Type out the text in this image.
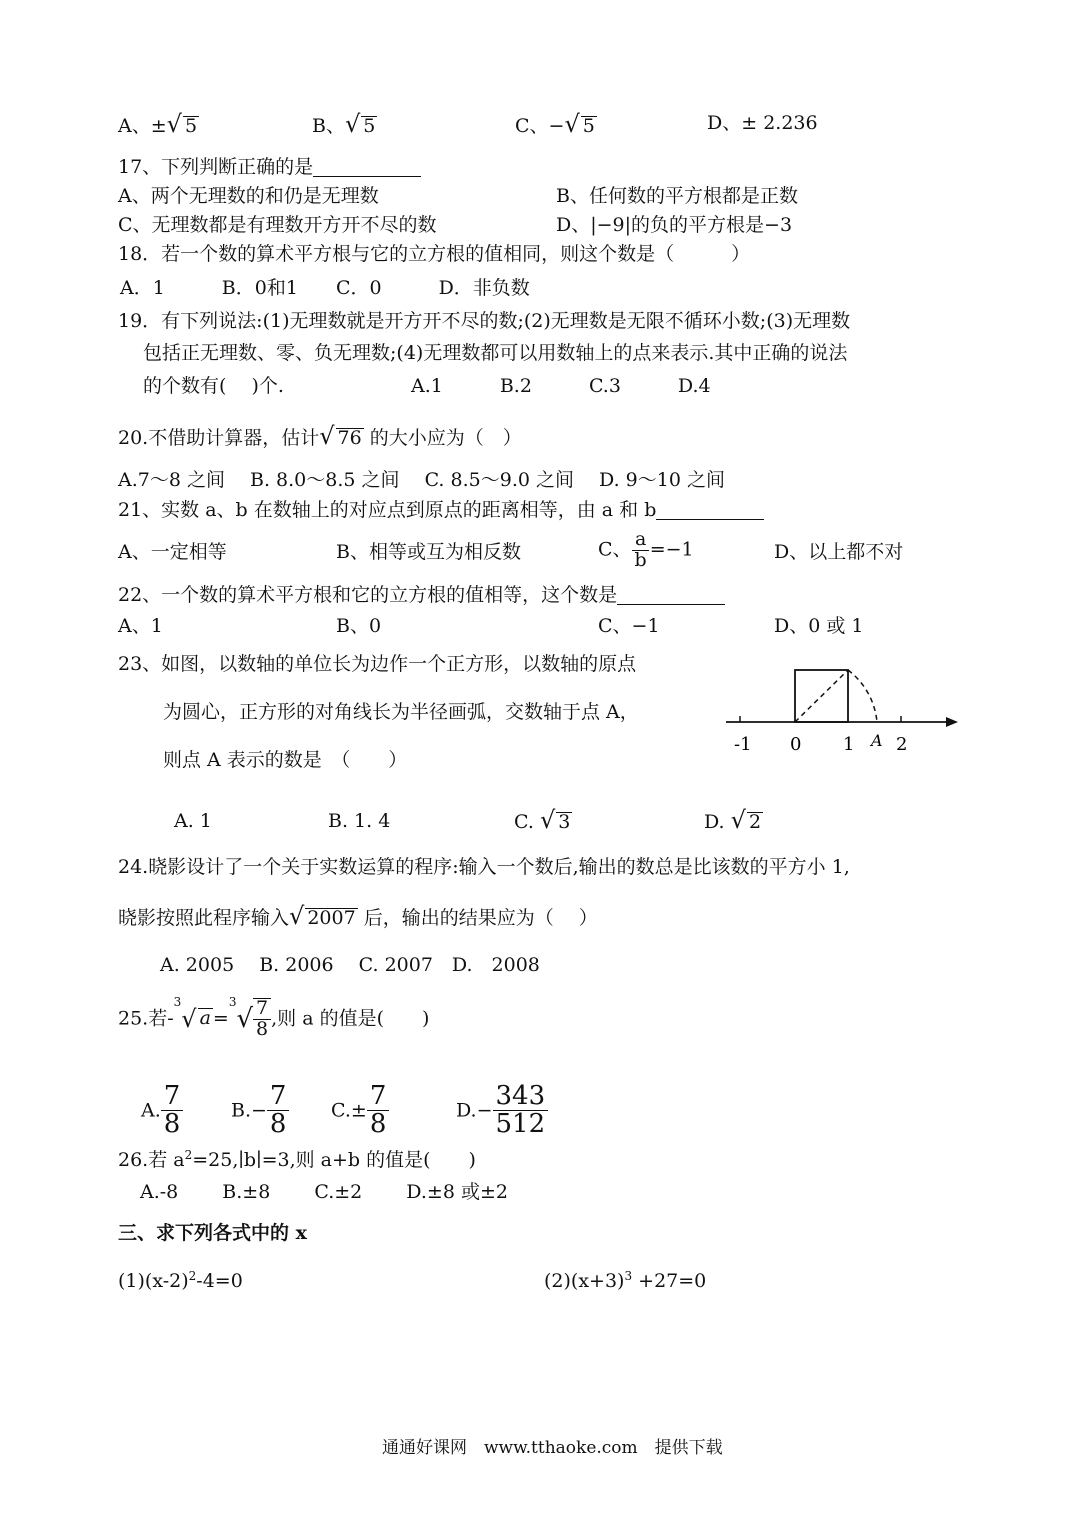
A、±√ 5	B、√ 5	C、−√ 5	D、± 2.236
17、下列判断正确的是
A、两个无理数的和仍是无理数	B、任何数的平方根都是正数
C、无理数都是有理数开方开不尽的数	D、|−9|的负的平方根是−3
18．若一个数的算术平方根与它的立方根的值相同，则这个数是（　　　）
A．1　　　B．0和1　　C．0　　　D．非负数
19．有下列说法:(1)无理数就是开方开不尽的数;(2)无理数是无限不循环小数;(3)无理数
包括正无理数、零、负无理数;(4)无理数都可以用数轴上的点来表示.其中正确的说法
的个数有(　 )个.	A.1　　　B.2　　　C.3　　　D.4
20.不借助计算器，估计√ 76 的大小应为（　）
A.7～8 之间　 B. 8.0～8.5 之间　 C. 8.5～9.0 之间　 D. 9～10 之间
21、实数 a、b 在数轴上的对应点到原点的距离相等，由 a 和 b
A、一定相等	B、相等或互为相反数	C、 $\frac{a}{b} =-1$	D、以上都不对
22、一个数的算术平方根和它的立方根的值相等，这个数是
A、1	B、0	C、−1	D、0 或 1
23、如图，以数轴的单位长为边作一个正方形，以数轴的原点
为圆心，正方形的对角线长为半径画弧，交数轴于点 A，
则点 A 表示的数是　（　　）
-1 0 1 2
A
A. 1	B. 1. 4	C. √ 3	D. √ 2
24.晓影设计了一个关于实数运算的程序:输入一个数后,输出的数总是比该数的平方小 1,
晓影按照此程序输入√ 2007 后，输出的结果应为（　 ）
A. 2005　 B. 2006　 C. 2007　D.　2008
25.若-$^3$√ $a =^3√ \frac{7}{8}$ ,则 a 的值是(　　)
A. $\frac{7}{8}$	$B.- \frac{7}{8} C.\pm \frac{7}{8}$	$D.- \frac{343}{512}$
26.若 $a^2=25,∣b∣=3$,则 a+b 的值是(　　)
A.-8　　 B.±8　　 C.±2　　 D.±8 或±2
三、求下列各式中的 x
$(1)(x-2)^2-4=0$	$(2)(x+3)^3 +27=0$
通通好课网　www.tthaoke.com　提供下载
